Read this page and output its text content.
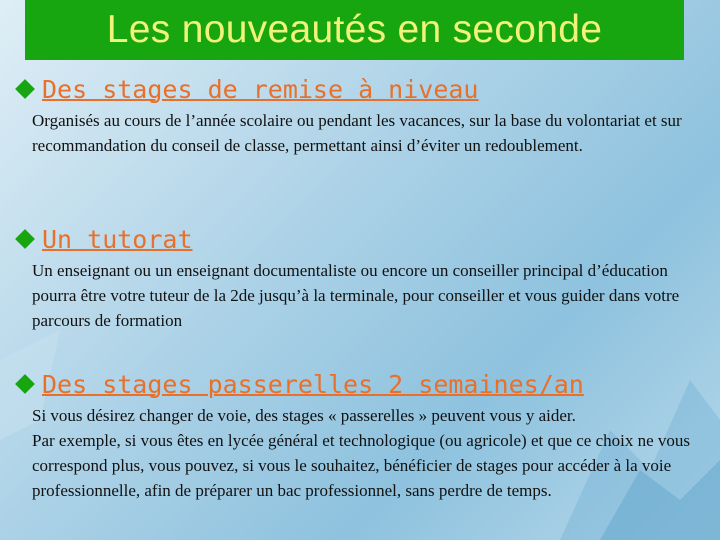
Les nouveautés en seconde
Des stages de remise à niveau

Organisés au cours de l’année scolaire ou pendant les vacances, sur la base du volontariat et sur recommandation du conseil de classe, permettant ainsi d’éviter un redoublement.

Un tutorat

Un enseignant ou un enseignant documentaliste ou encore un conseiller principal d’éducation pourra être votre tuteur de la 2de jusqu’à la terminale, pour conseiller et vous guider dans votre parcours de formation

Des stages passerelles 2 semaines/an

Si vous désirez changer de voie, des stages « passerelles » peuvent vous y aider.

Par exemple, si vous êtes en lycée général et technologique (ou agricole) et que ce choix ne vous correspond plus, vous pouvez, si vous le souhaitez, bénéficier de stages pour accéder à la voie professionnelle, afin de préparer un bac professionnel, sans perdre de temps.
